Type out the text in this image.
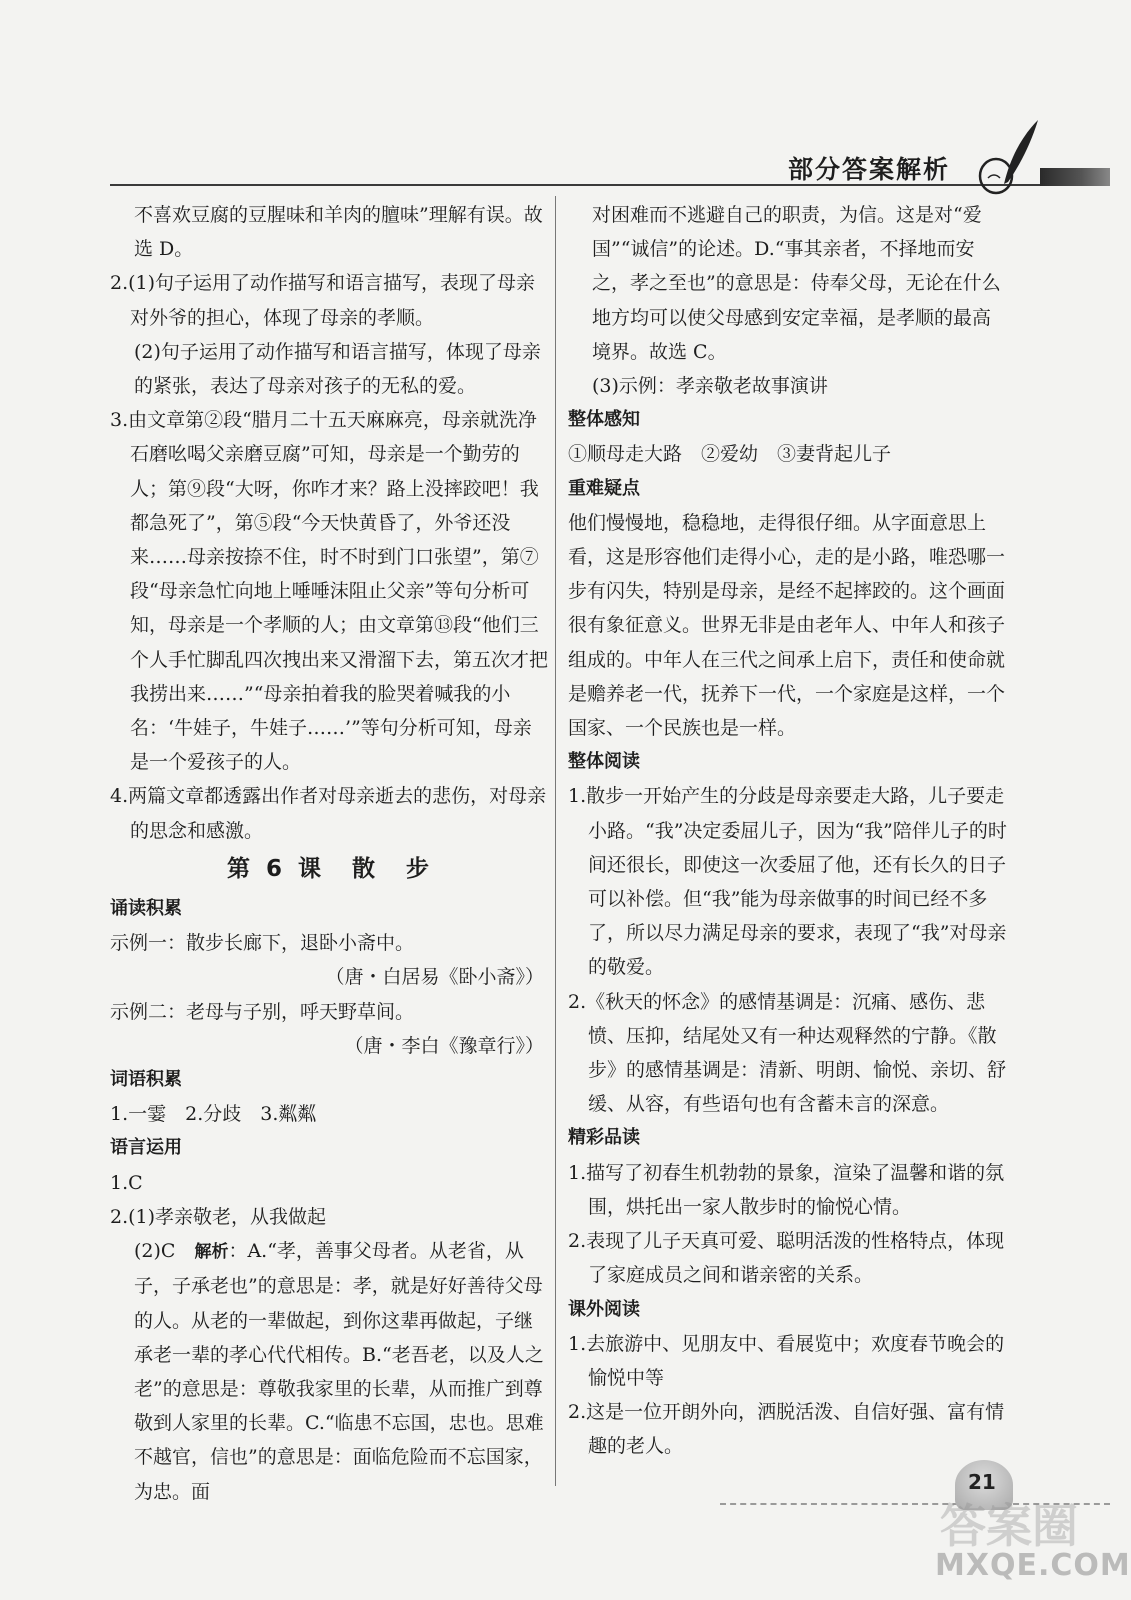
部分答案解析

不喜欢豆腐的豆腥味和羊肉的膻味”理解有误。故选 D。

2.(1)句子运用了动作描写和语言描写，表现了母亲对外爷的担心，体现了母亲的孝顺。

(2)句子运用了动作描写和语言描写，体现了母亲的紧张，表达了母亲对孩子的无私的爱。

3.由文章第②段“腊月二十五天麻麻亮，母亲就洗净石磨吆喝父亲磨豆腐”可知，母亲是一个勤劳的人；第⑨段“大呀，你咋才来？路上没摔跤吧！我都急死了”，第⑤段“今天快黄昏了，外爷还没来……母亲按捺不住，时不时到门口张望”，第⑦段“母亲急忙向地上唾唾沫阻止父亲”等句分析可知，母亲是一个孝顺的人；由文章第⑬段“他们三个人手忙脚乱四次拽出来又滑溜下去，第五次才把我捞出来……”“母亲拍着我的脸哭着喊我的小名：‘牛娃子，牛娃子……’”等句分析可知，母亲是一个爱孩子的人。

4.两篇文章都透露出作者对母亲逝去的悲伤，对母亲的思念和感激。

第 6 课　散　步

诵读积累

示例一：散步长廊下，退卧小斋中。

（唐・白居易《卧小斋》）

示例二：老母与子别，呼天野草间。

（唐・李白《豫章行》）

词语积累

1.一霎　2.分歧　3.粼粼

语言运用

1.C

2.(1)孝亲敬老，从我做起

(2)C　解析：A.“孝，善事父母者。从老省，从子，子承老也”的意思是：孝，就是好好善待父母的人。从老的一辈做起，到你这辈再做起，子继承老一辈的孝心代代相传。B.“老吾老，以及人之老”的意思是：尊敬我家里的长辈，从而推广到尊敬到人家里的长辈。C.“临患不忘国，忠也。思难不越官，信也”的意思是：面临危险而不忘国家，为忠。面

对困难而不逃避自己的职责，为信。这是对“爱国”“诚信”的论述。D.“事其亲者，不择地而安之，孝之至也”的意思是：侍奉父母，无论在什么地方均可以使父母感到安定幸福，是孝顺的最高境界。故选 C。

(3)示例：孝亲敬老故事演讲

整体感知

①顺母走大路　②爱幼　③妻背起儿子

重难疑点

他们慢慢地，稳稳地，走得很仔细。从字面意思上看，这是形容他们走得小心，走的是小路，唯恐哪一步有闪失，特别是母亲，是经不起摔跤的。这个画面很有象征意义。世界无非是由老年人、中年人和孩子组成的。中年人在三代之间承上启下，责任和使命就是赡养老一代，抚养下一代，一个家庭是这样，一个国家、一个民族也是一样。

整体阅读

1.散步一开始产生的分歧是母亲要走大路，儿子要走小路。“我”决定委屈儿子，因为“我”陪伴儿子的时间还很长，即使这一次委屈了他，还有长久的日子可以补偿。但“我”能为母亲做事的时间已经不多了，所以尽力满足母亲的要求，表现了“我”对母亲的敬爱。

2.《秋天的怀念》的感情基调是：沉痛、感伤、悲愤、压抑，结尾处又有一种达观释然的宁静。《散步》的感情基调是：清新、明朗、愉悦、亲切、舒缓、从容，有些语句也有含蓄未言的深意。

精彩品读

1.描写了初春生机勃勃的景象，渲染了温馨和谐的氛围，烘托出一家人散步时的愉悦心情。

2.表现了儿子天真可爱、聪明活泼的性格特点，体现了家庭成员之间和谐亲密的关系。

课外阅读

1.去旅游中、见朋友中、看展览中；欢度春节晚会的愉悦中等

2.这是一位开朗外向，洒脱活泼、自信好强、富有情趣的老人。

21
答案圈
MXQE.COM
